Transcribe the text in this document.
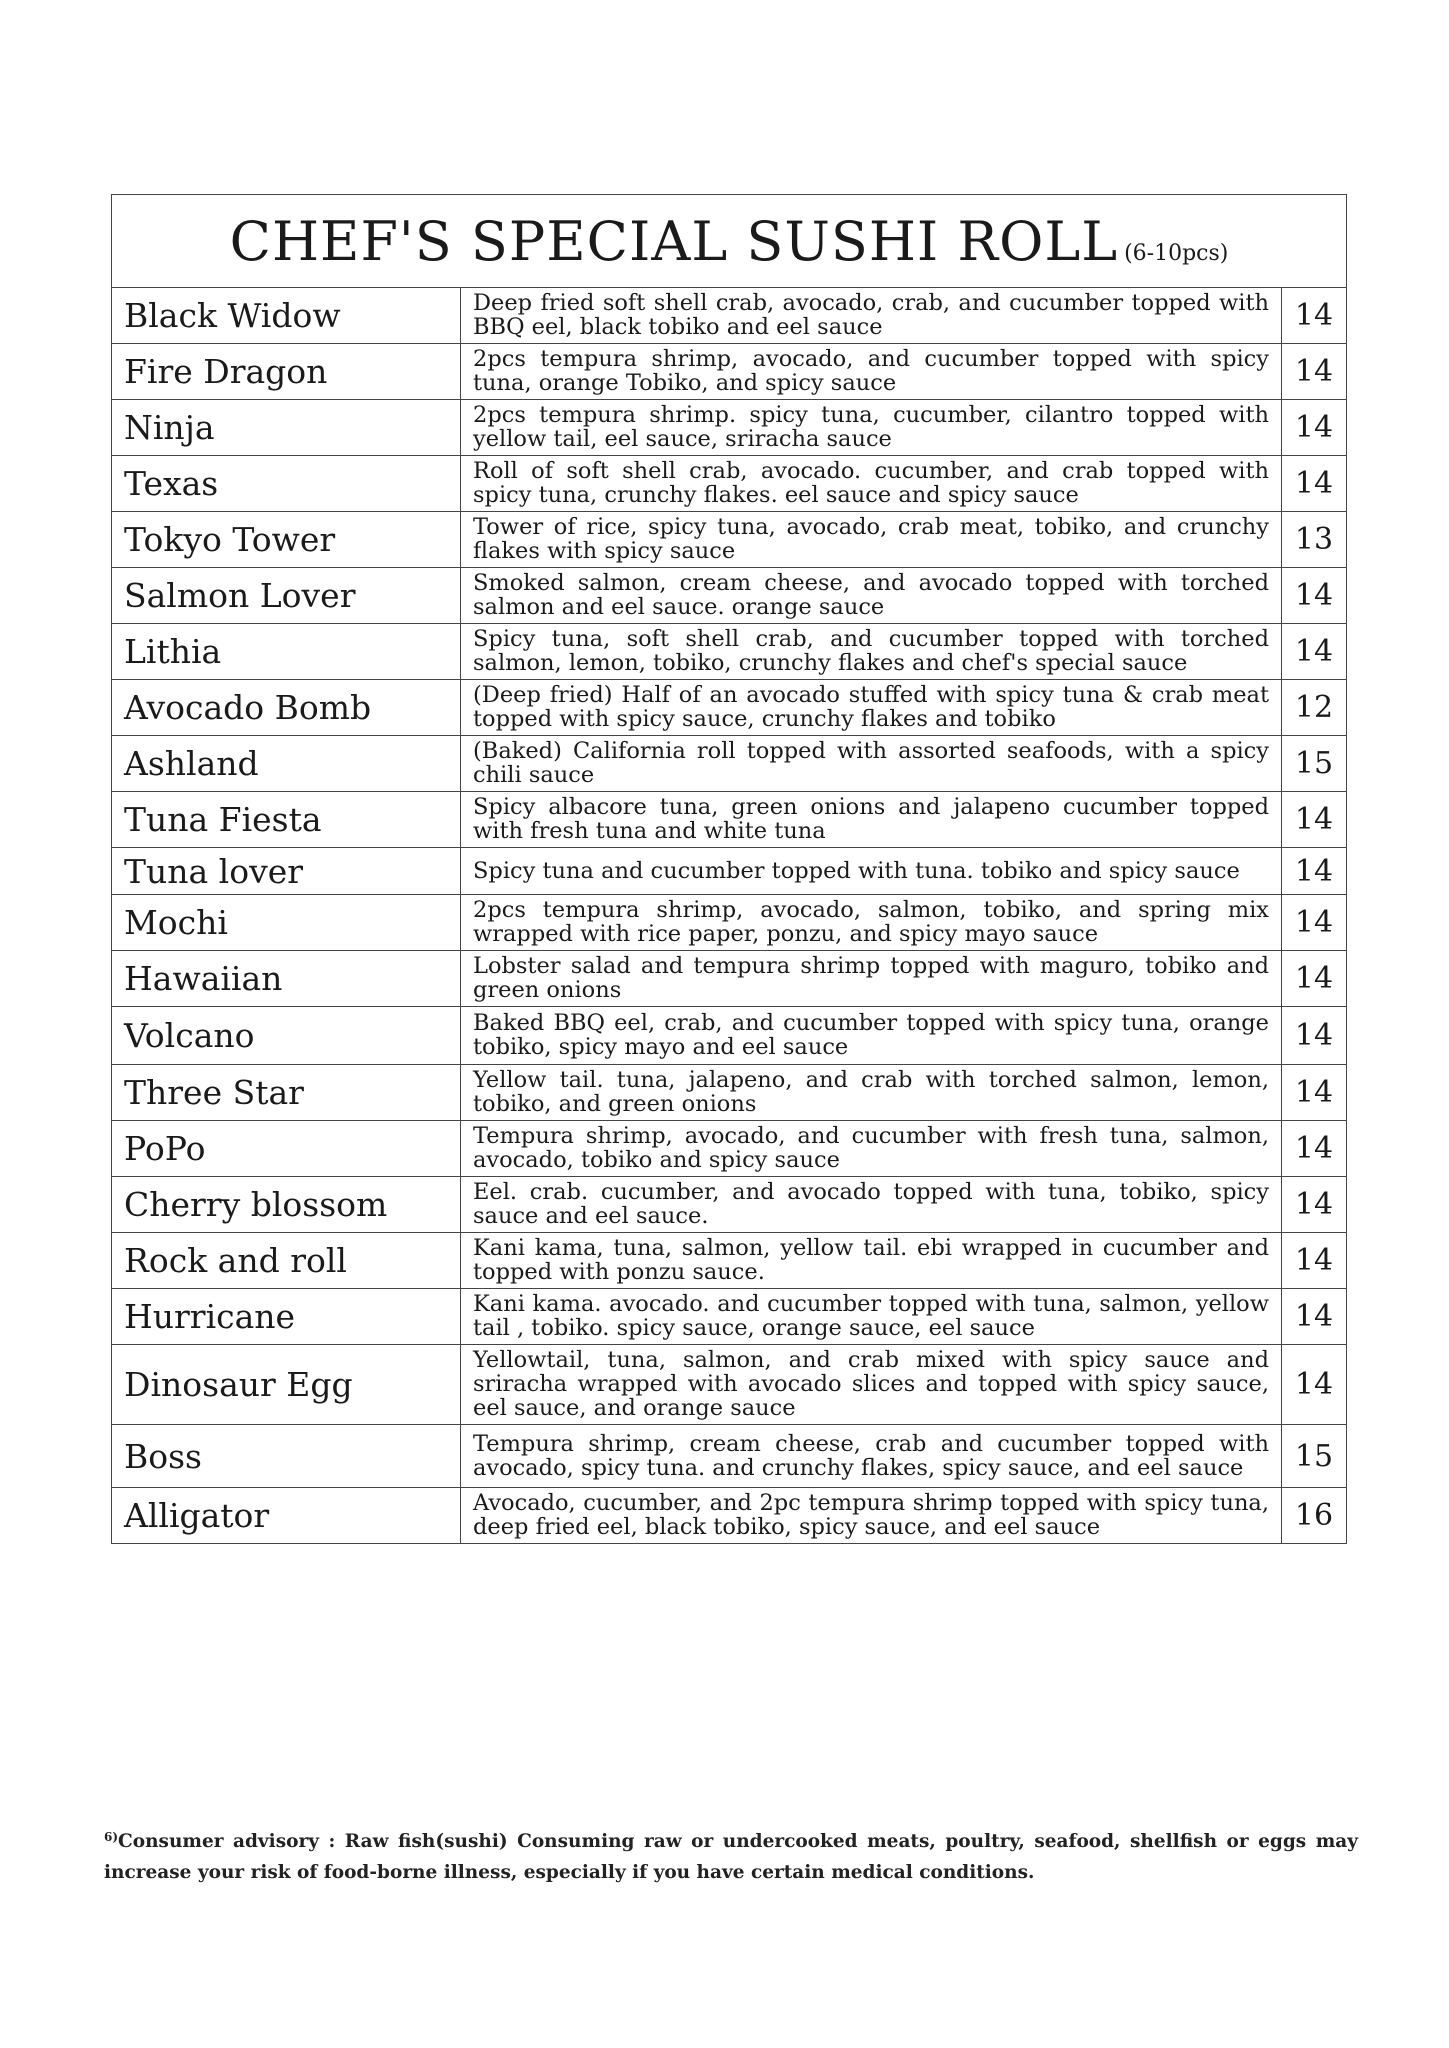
CHEF'S SPECIAL SUSHI ROLL (6-10pcs)		
Black Widow	Deep fried soft shell crab, avocado, crab, and cucumber topped with BBQ eel, black tobiko and eel sauce	14
Fire Dragon	2pcs tempura shrimp, avocado, and cucumber topped with spicy tuna, orange Tobiko, and spicy sauce	14
Ninja	2pcs tempura shrimp. spicy tuna, cucumber, cilantro topped with yellow tail, eel sauce, sriracha sauce	14
Texas	Roll of soft shell crab, avocado. cucumber, and crab topped with spicy tuna, crunchy flakes. eel sauce and spicy sauce	14
Tokyo Tower	Tower of rice, spicy tuna, avocado, crab meat, tobiko, and crunchy flakes with spicy sauce	13
Salmon Lover	Smoked salmon, cream cheese, and avocado topped with torched salmon and eel sauce. orange sauce	14
Lithia	Spicy tuna, soft shell crab, and cucumber topped with torched salmon, lemon, tobiko, crunchy flakes and chef's special sauce	14
Avocado Bomb	(Deep fried) Half of an avocado stuffed with spicy tuna & crab meat topped with spicy sauce, crunchy flakes and tobiko	12
Ashland	(Baked) California roll topped with assorted seafoods, with a spicy chili sauce	15
Tuna Fiesta	Spicy albacore tuna, green onions and jalapeno cucumber topped with fresh tuna and white tuna	14
Tuna lover	Spicy tuna and cucumber topped with tuna. tobiko and spicy sauce	14
Mochi	2pcs tempura shrimp, avocado, salmon, tobiko, and spring mix wrapped with rice paper, ponzu, and spicy mayo sauce	14
Hawaiian	Lobster salad and tempura shrimp topped with maguro, tobiko and green onions	14
Volcano	Baked BBQ eel, crab, and cucumber topped with spicy tuna, orange tobiko, spicy mayo and eel sauce	14
Three Star	Yellow tail. tuna, jalapeno, and crab with torched salmon, lemon, tobiko, and green onions	14
PoPo	Tempura shrimp, avocado, and cucumber with fresh tuna, salmon, avocado, tobiko and spicy sauce	14
Cherry blossom	Eel. crab. cucumber, and avocado topped with tuna, tobiko, spicy sauce and eel sauce.	14
Rock and roll	Kani kama, tuna, salmon, yellow tail. ebi wrapped in cucumber and topped with ponzu sauce.	14
Hurricane	Kani kama. avocado. and cucumber topped with tuna, salmon, yellow tail , tobiko. spicy sauce, orange sauce, eel sauce	14
Dinosaur Egg	Yellowtail, tuna, salmon, and crab mixed with spicy sauce and sriracha wrapped with avocado slices and topped with spicy sauce, eel sauce, and orange sauce	14
Boss	Tempura shrimp, cream cheese, crab and cucumber topped with avocado, spicy tuna. and crunchy flakes, spicy sauce, and eel sauce	15
Alligator	Avocado, cucumber, and 2pc tempura shrimp topped with spicy tuna, deep fried eel, black tobiko, spicy sauce, and eel sauce	16
$^{6)}$Consumer advisory : Raw fish(sushi) Consuming raw or undercooked meats, poultry, seafood, shellfish or eggs may increase your risk of food-borne illness, especially if you have certain medical conditions.
